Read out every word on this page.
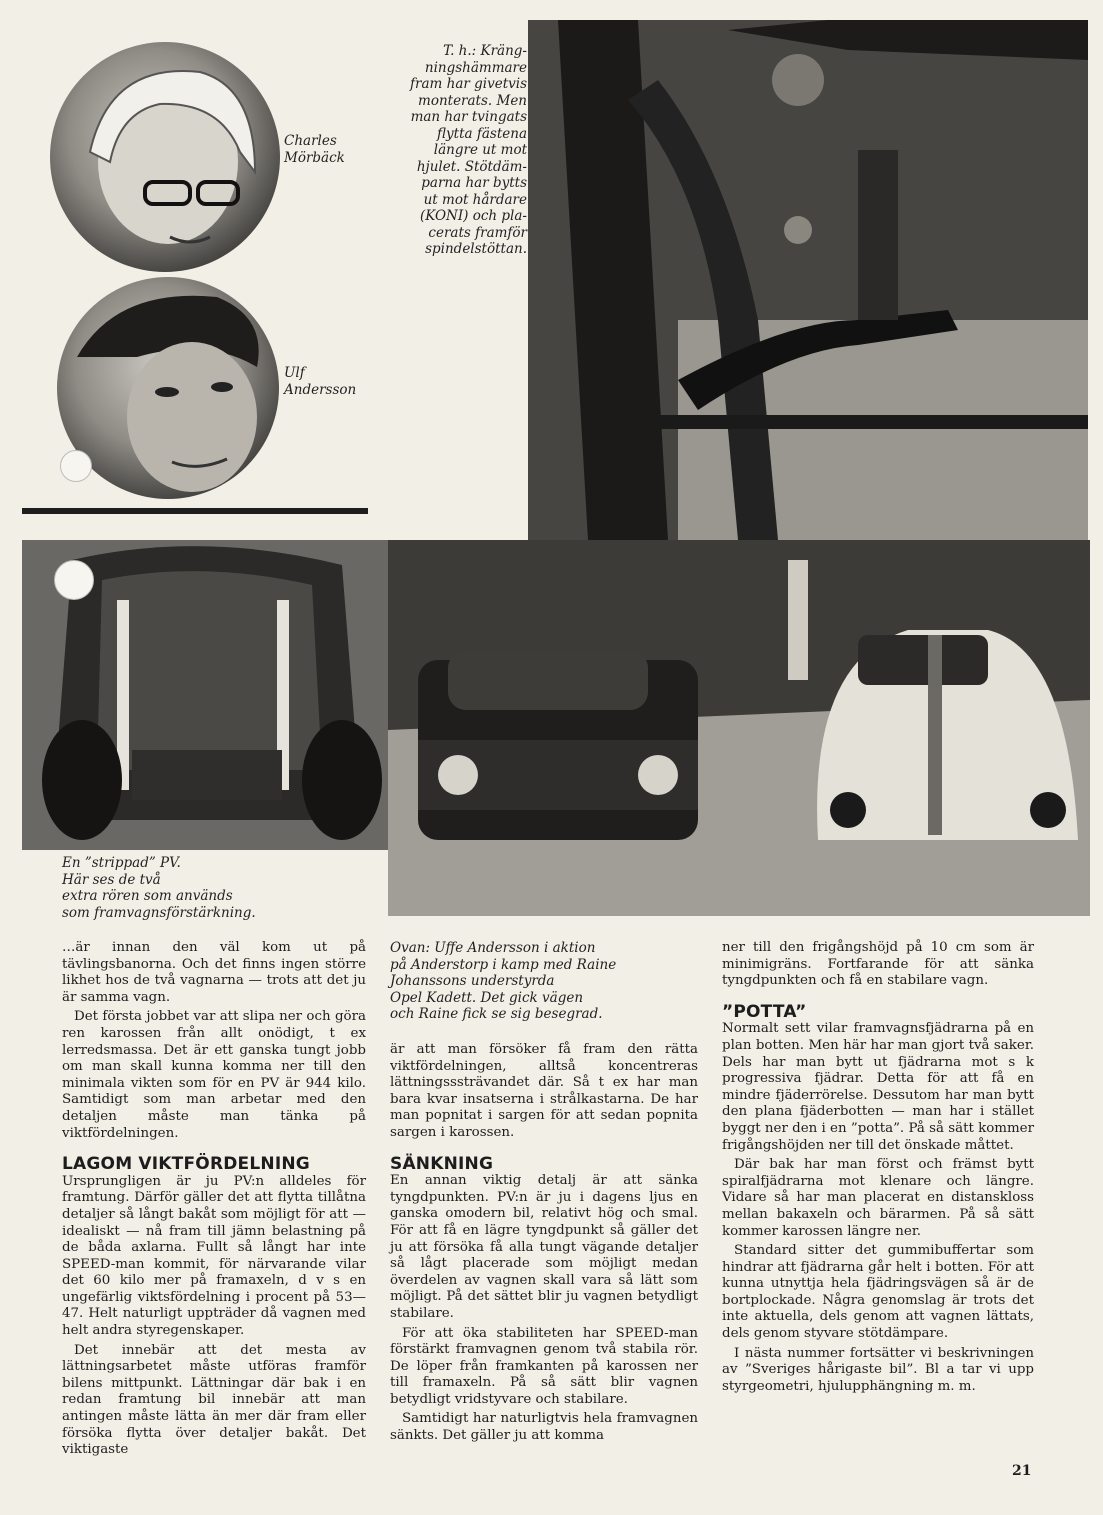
Charles

Mörbäck

Ulf

Andersson

T. h.: Kräng-

ningshämmare

fram har givetvis

monterats. Men

man har tvingats

flytta fästena

längre ut mot

hjulet. Stötdäm-

parna har bytts

ut mot hårdare

(KONI) och pla-

cerats framför

spindelstöttan.

En ”strippad” PV.

Här ses de två

extra rören som används

som framvagnsförstärkning.

Ovan: Uffe Andersson i aktion

på Anderstorp i kamp med Raine

Johanssons understyrda

Opel Kadett. Det gick vägen

och Raine fick se sig besegrad.

…är innan den väl kom ut på tävlingsbanorna. Och det finns ingen större likhet hos de två vagnarna — trots att det ju är samma vagn.

Det första jobbet var att slipa ner och göra ren karossen från allt onödigt, t ex lerredsmassa. Det är ett ganska tungt jobb om man skall kunna komma ner till den minimala vikten som för en PV är 944 kilo. Samtidigt som man arbetar med den detaljen måste man tänka på viktfördelningen.

LAGOM VIKTFÖRDELNING

Ursprungligen är ju PV:n alldeles för framtung. Därför gäller det att flytta tillåtna detaljer så långt bakåt som möjligt för att — idealiskt — nå fram till jämn belastning på de båda axlarna. Fullt så långt har inte SPEED-man kommit, för närvarande vilar det 60 kilo mer på framaxeln, d v s en ungefärlig viktsfördelning i procent på 53—47. Helt naturligt uppträder då vagnen med helt andra styregenskaper.

Det innebär att det mesta av lättningsarbetet måste utföras framför bilens mittpunkt. Lättningar där bak i en redan framtung bil innebär att man antingen måste lätta än mer där fram eller försöka flytta över detaljer bakåt. Det viktigaste

är att man försöker få fram den rätta viktfördelningen, alltså koncentreras lättningsssträvandet där. Så t ex har man bara kvar insatserna i strålkastarna. De har man popnitat i sargen för att sedan popnita sargen i karossen.

SÄNKNING

En annan viktig detalj är att sänka tyngdpunkten. PV:n är ju i dagens ljus en ganska omodern bil, relativt hög och smal. För att få en lägre tyngdpunkt så gäller det ju att försöka få alla tungt vägande detaljer så lågt placerade som möjligt medan överdelen av vagnen skall vara så lätt som möjligt. På det sättet blir ju vagnen betydligt stabilare.

För att öka stabiliteten har SPEED-man förstärkt framvagnen genom två stabila rör. De löper från framkanten på karossen ner till framaxeln. På så sätt blir vagnen betydligt vridstyvare och stabilare.

Samtidigt har naturligtvis hela framvagnen sänkts. Det gäller ju att komma

ner till den frigångshöjd på 10 cm som är minimigräns. Fortfarande för att sänka tyngdpunkten och få en stabilare vagn.

”POTTA”

Normalt sett vilar framvagnsfjädrarna på en plan botten. Men här har man gjort två saker. Dels har man bytt ut fjädrarna mot s k progressiva fjädrar. Detta för att få en mindre fjäderrörelse. Dessutom har man bytt den plana fjäderbotten — man har i stället byggt ner den i en ”potta”. På så sätt kommer frigångshöjden ner till det önskade måttet.

Där bak har man först och främst bytt spiralfjädrarna mot klenare och längre. Vidare så har man placerat en distanskloss mellan bakaxeln och bärarmen. På så sätt kommer karossen längre ner.

Standard sitter det gummibuffertar som hindrar att fjädrarna går helt i botten. För att kunna utnyttja hela fjädringsvägen så är de bortplockade. Några genomslag är trots det inte aktuella, dels genom att vagnen lättats, dels genom styvare stötdämpare.

I nästa nummer fortsätter vi beskrivningen av ”Sveriges hårigaste bil”. Bl a tar vi upp styrgeometri, hjulupphängning m. m.

21
